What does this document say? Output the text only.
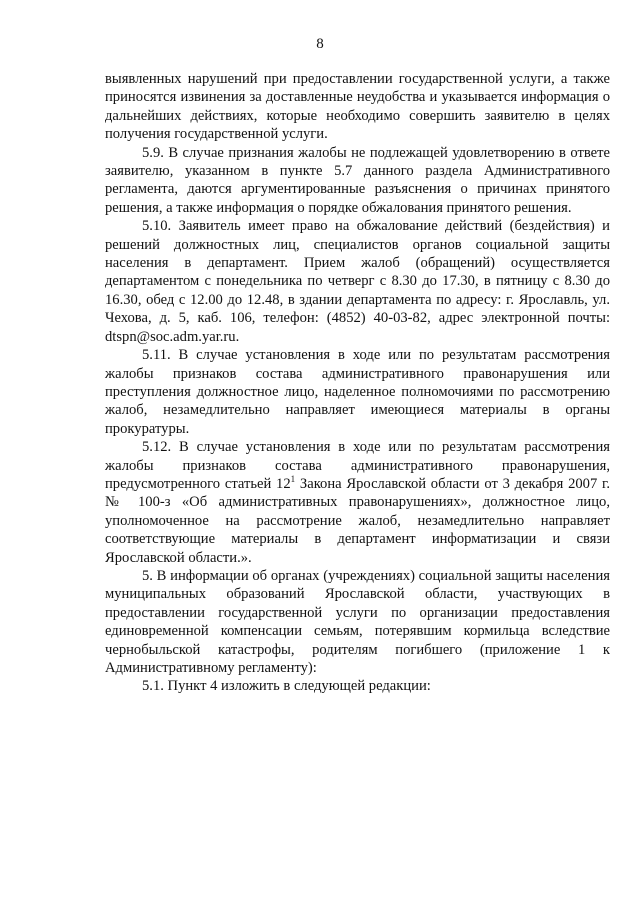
8

выявленных нарушений при предоставлении государственной услуги, а также приносятся извинения за доставленные неудобства и указывается информация о дальнейших действиях, которые необходимо совершить заявителю в целях получения государственной услуги.

5.9. В случае признания жалобы не подлежащей удовлетворению в ответе заявителю, указанном в пункте 5.7 данного раздела Административного регламента, даются аргументированные разъяснения о причинах принятого решения, а также информация о порядке обжалования принятого решения.

5.10. Заявитель имеет право на обжалование действий (бездействия) и решений должностных лиц, специалистов органов социальной защиты населения в департамент. Прием жалоб (обращений) осуществляется департаментом с понедельника по четверг с 8.30 до 17.30, в пятницу с 8.30 до 16.30, обед с 12.00 до 12.48, в здании департамента по адресу: г. Ярославль, ул. Чехова, д. 5, каб. 106, телефон: (4852) 40-03-82, адрес электронной почты: dtspn@soc.adm.yar.ru.

5.11. В случае установления в ходе или по результатам рассмотрения жалобы признаков состава административного правонарушения или преступления должностное лицо, наделенное полномочиями по рассмотрению жалоб, незамедлительно направляет имеющиеся материалы в органы прокуратуры.

5.12. В случае установления в ходе или по результатам рассмотрения жалобы признаков состава административного правонарушения, предусмотренного статьей $12^1$ Закона Ярославской области от 3 декабря 2007 г. № 100-з «Об административных правонарушениях», должностное лицо, уполномоченное на рассмотрение жалоб, незамедлительно направляет соответствующие материалы в департамент информатизации и связи Ярославской области.».

5. В информации об органах (учреждениях) социальной защиты населения муниципальных образований Ярославской области, участвующих в предоставлении государственной услуги по организации предоставления единовременной компенсации семьям, потерявшим кормильца вследствие чернобыльской катастрофы, родителям погибшего (приложение 1 к Административному регламенту):

5.1. Пункт 4 изложить в следующей редакции:
